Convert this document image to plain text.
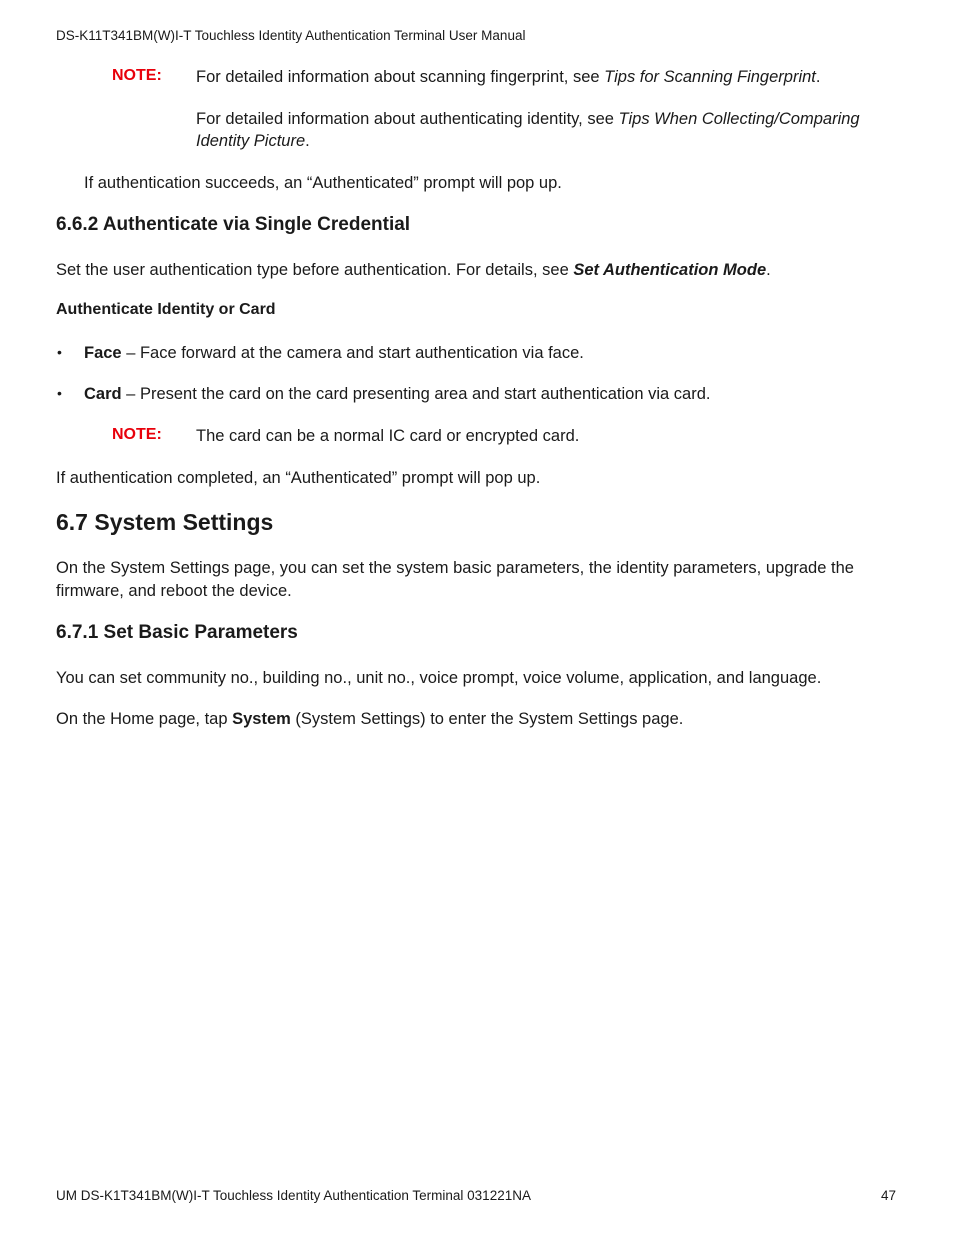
DS-K11T341BM(W)I-T Touchless Identity Authentication Terminal User Manual
NOTE: For detailed information about scanning fingerprint, see Tips for Scanning Fingerprint.
For detailed information about authenticating identity, see Tips When Collecting/Comparing
Identity Picture.
If authentication succeeds, an “Authenticated” prompt will pop up.
6.6.2 Authenticate via Single Credential
Set the user authentication type before authentication. For details, see Set Authentication Mode.
Authenticate Identity or Card
• Face – Face forward at the camera and start authentication via face.
• Card – Present the card on the card presenting area and start authentication via card.
NOTE: The card can be a normal IC card or encrypted card.
If authentication completed, an “Authenticated” prompt will pop up.
6.7 System Settings
On the System Settings page, you can set the system basic parameters, the identity parameters, upgrade the
firmware, and reboot the device.
6.7.1 Set Basic Parameters
You can set community no., building no., unit no., voice prompt, voice volume, application, and language.
On the Home page, tap System (System Settings) to enter the System Settings page.
UM DS-K1T341BM(W)I-T Touchless Identity Authentication Terminal 031221NA	47
